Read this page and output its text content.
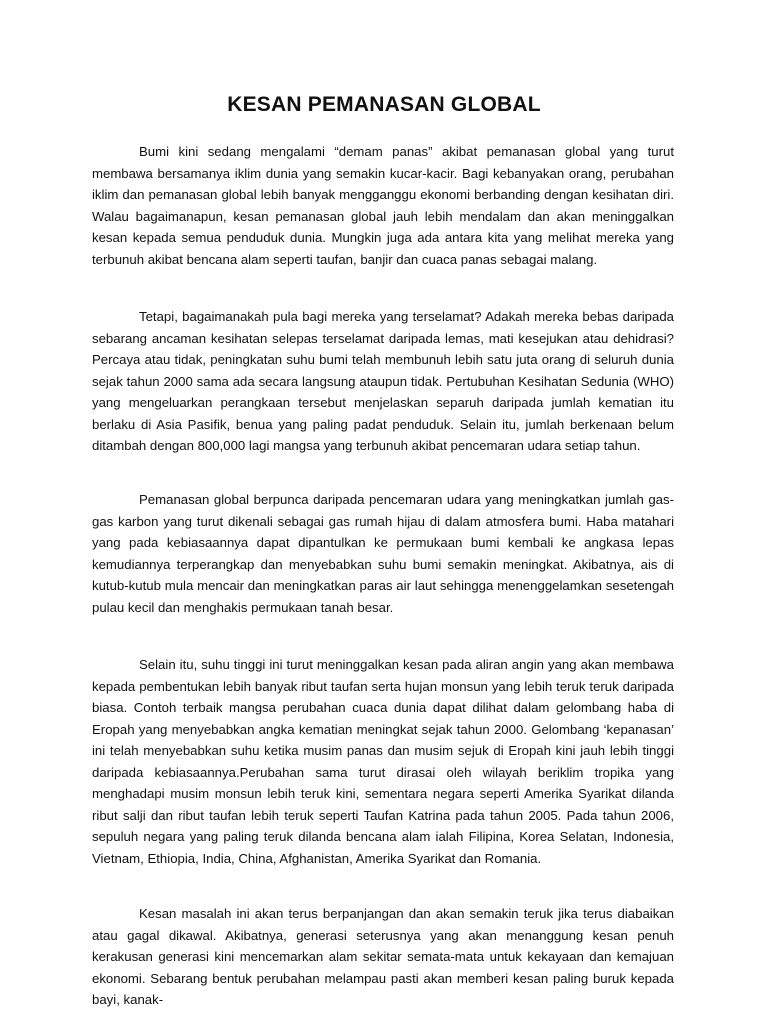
KESAN PEMANASAN GLOBAL

Bumi kini sedang mengalami “demam panas” akibat pemanasan global yang turut membawa bersamanya iklim dunia yang semakin kucar-kacir. Bagi kebanyakan orang, perubahan iklim dan pemanasan global lebih banyak mengganggu ekonomi berbanding dengan kesihatan diri. Walau bagaimanapun, kesan pemanasan global jauh lebih mendalam dan akan meninggalkan kesan kepada semua penduduk dunia. Mungkin juga ada antara kita yang melihat mereka yang terbunuh akibat bencana alam seperti taufan, banjir dan cuaca panas sebagai malang.

Tetapi, bagaimanakah pula bagi mereka yang terselamat? Adakah mereka bebas daripada sebarang ancaman kesihatan selepas terselamat daripada lemas, mati kesejukan atau dehidrasi? Percaya atau tidak, peningkatan suhu bumi telah membunuh lebih satu juta orang di seluruh dunia sejak tahun 2000 sama ada secara langsung ataupun tidak. Pertubuhan Kesihatan Sedunia (WHO) yang mengeluarkan perangkaan tersebut menjelaskan separuh daripada jumlah kematian itu berlaku di Asia Pasifik, benua yang paling padat penduduk. Selain itu, jumlah berkenaan belum ditambah dengan 800,000 lagi mangsa yang terbunuh akibat pencemaran udara setiap tahun.

Pemanasan global berpunca daripada pencemaran udara yang meningkatkan jumlah gas-gas karbon yang turut dikenali sebagai gas rumah hijau di dalam atmosfera bumi. Haba matahari yang pada kebiasaannya dapat dipantulkan ke permukaan bumi kembali ke angkasa lepas kemudiannya terperangkap dan menyebabkan suhu bumi semakin meningkat. Akibatnya, ais di kutub-kutub mula mencair dan meningkatkan paras air laut sehingga menenggelamkan sesetengah pulau kecil dan menghakis permukaan tanah besar.

Selain itu, suhu tinggi ini turut meninggalkan kesan pada aliran angin yang akan membawa kepada pembentukan lebih banyak ribut taufan serta hujan monsun yang lebih teruk teruk daripada biasa. Contoh terbaik mangsa perubahan cuaca dunia dapat dilihat dalam gelombang haba di Eropah yang menyebabkan angka kematian meningkat sejak tahun 2000. Gelombang ‘kepanasan’ ini telah menyebabkan suhu ketika musim panas dan musim sejuk di Eropah kini jauh lebih tinggi daripada kebiasaannya.Perubahan sama turut dirasai oleh wilayah beriklim tropika yang menghadapi musim monsun lebih teruk kini, sementara negara seperti Amerika Syarikat dilanda ribut salji dan ribut taufan lebih teruk seperti Taufan Katrina pada tahun 2005. Pada tahun 2006, sepuluh negara yang paling teruk dilanda bencana alam ialah Filipina, Korea Selatan, Indonesia, Vietnam, Ethiopia, India, China, Afghanistan, Amerika Syarikat dan Romania.

Kesan masalah ini akan terus berpanjangan dan akan semakin teruk jika terus diabaikan atau gagal dikawal. Akibatnya, generasi seterusnya yang akan menanggung kesan penuh kerakusan generasi kini mencemarkan alam sekitar semata-mata untuk kekayaan dan kemajuan ekonomi. Sebarang bentuk perubahan melampau pasti akan memberi kesan paling buruk kepada bayi, kanak-
